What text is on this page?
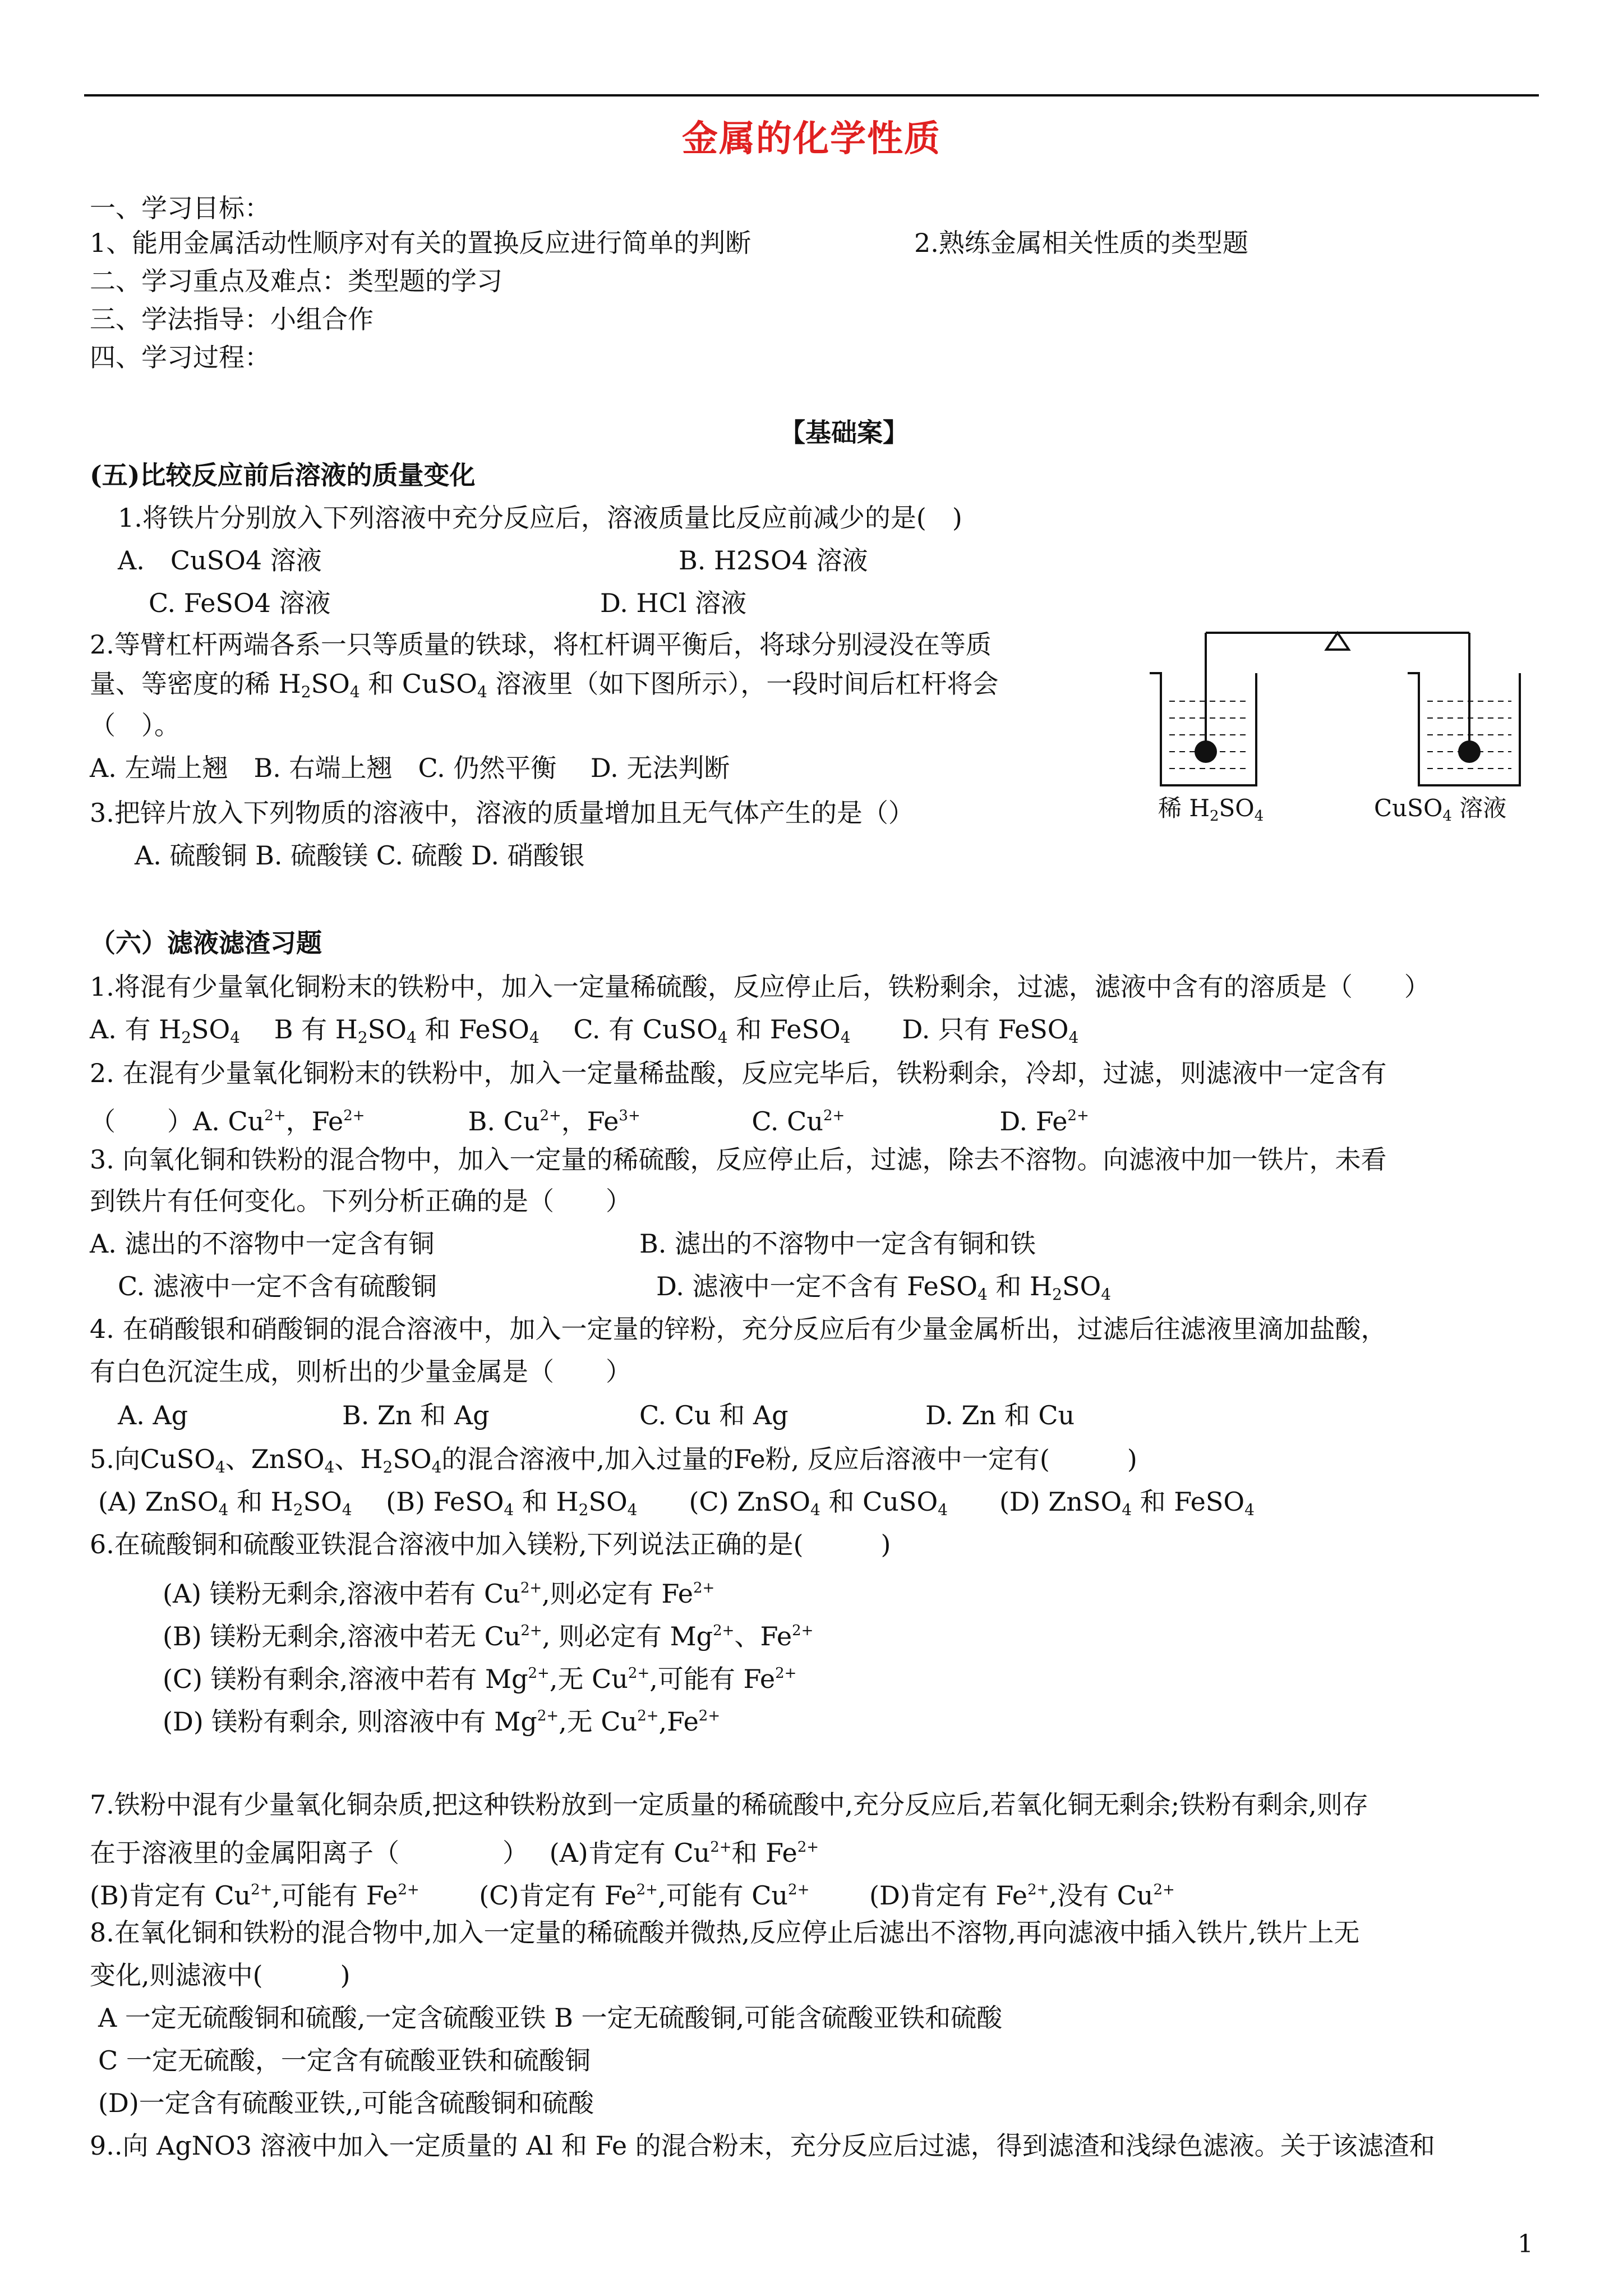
金属的化学性质
一、学习目标：
1、能用金属活动性顺序对有关的置换反应进行简单的判断	2.熟练金属相关性质的类型题
二、学习重点及难点：类型题的学习
三、学法指导：小组合作
四、学习过程：
【基础案】
(五)比较反应前后溶液的质量变化
1.将铁片分别放入下列溶液中充分反应后，溶液质量比反应前减少的是(　)
A.　CuSO4 溶液	B. H2SO4 溶液
C. FeSO4 溶液	D. HCl 溶液
2.等臂杠杆两端各系一只等质量的铁球，将杠杆调平衡后，将球分别浸没在等质
量、等密度的稀 $H_2SO_4$ 和 CuSO$_4$ 溶液里（如下图所示），一段时间后杠杆将会
（　）。
A. 左端上翘　B. 右端上翘　C. 仍然平衡　 D. 无法判断
稀 H2SO4	CuSO4 溶液
3.把锌片放入下列物质的溶液中，溶液的质量增加且无气体产生的是（）
A. 硫酸铜 B. 硫酸镁 C. 硫酸 D. 硝酸银
（六）滤液滤渣习题
1.将混有少量氧化铜粉末的铁粉中，加入一定量稀硫酸，反应停止后，铁粉剩余，过滤，滤液中含有的溶质是（　　）
A. 有 $H_2SO_4$　 B 有 $H_2SO_4$ 和 FeSO$_4$　 C. 有 CuSO$_4$ 和 FeSO$_4$　　D. 只有 FeSO$_4$
2. 在混有少量氧化铜粉末的铁粉中，加入一定量稀盐酸，反应完毕后，铁粉剩余，冷却，过滤，则滤液中一定含有
（　　）A. $Cu^{2+}$，$Fe^{2+}$　　　　B. $Cu^{2+}$，$Fe^{3+}$　　　　 C. $Cu^{2+}$　　　　　　D. $Fe^{2+}$
3. 向氧化铜和铁粉的混合物中，加入一定量的稀硫酸，反应停止后，过滤，除去不溶物。向滤液中加一铁片，未看
到铁片有任何变化。下列分析正确的是（　　）
A. 滤出的不溶物中一定含有铜	B. 滤出的不溶物中一定含有铜和铁
C. 滤液中一定不含有硫酸铜	D. 滤液中一定不含有 FeSO$_4$ 和 $H_2SO_4$
4. 在硝酸银和硝酸铜的混合溶液中，加入一定量的锌粉，充分反应后有少量金属析出，过滤后往滤液里滴加盐酸，
有白色沉淀生成，则析出的少量金属是（　　）
A. Ag	B. Zn 和 Ag	C. Cu 和 Ag	D. Zn 和 Cu
5.向CuSO$_4$、ZnSO$_4$、$H_2SO_4$的混合溶液中,加入过量的Fe粉, 反应后溶液中一定有(　　　)
(A) ZnSO$_4$ 和 $H_2SO_4$　 (B) FeSO$_4$ 和 $H_2SO_4$　　(C) ZnSO$_4$ 和 CuSO$_4$　　(D) ZnSO$_4$ 和 FeSO$_4$
6.在硫酸铜和硫酸亚铁混合溶液中加入镁粉,下列说法正确的是(　　　)
(A) 镁粉无剩余,溶液中若有 $Cu^{2+}$,则必定有 $Fe^{2+}$
(B) 镁粉无剩余,溶液中若无 $Cu^{2+}$, 则必定有 $Mg^{2+}$、$Fe^{2+}$
(C) 镁粉有剩余,溶液中若有 $Mg^{2+}$,无 $Cu^{2+}$,可能有 $Fe^{2+}$
(D) 镁粉有剩余, 则溶液中有 $Mg^{2+}$,无 $Cu^{2+},Fe^{2+}$
7.铁粉中混有少量氧化铜杂质,把这种铁粉放到一定质量的稀硫酸中,充分反应后,若氧化铜无剩余;铁粉有剩余,则存
在于溶液里的金属阳离子（　　　　）　 (A)肯定有 $Cu^{2+}$和 $Fe^{2+}$
(B)肯定有 $Cu^{2+}$,可能有 $Fe^{2+}$　　 (C)肯定有 $Fe^{2+}$,可能有 $Cu^{2+}$　　 (D)肯定有 $Fe^{2+}$,没有 $Cu^{2+}$
8.在氧化铜和铁粉的混合物中,加入一定量的稀硫酸并微热,反应停止后滤出不溶物,再向滤液中插入铁片,铁片上无
变化,则滤液中(　　　)
A 一定无硫酸铜和硫酸,一定含硫酸亚铁 B 一定无硫酸铜,可能含硫酸亚铁和硫酸
C 一定无硫酸，一定含有硫酸亚铁和硫酸铜
(D)一定含有硫酸亚铁,,可能含硫酸铜和硫酸
9..向 AgNO3 溶液中加入一定质量的 Al 和 Fe 的混合粉末，充分反应后过滤，得到滤渣和浅绿色滤液。关于该滤渣和
1
